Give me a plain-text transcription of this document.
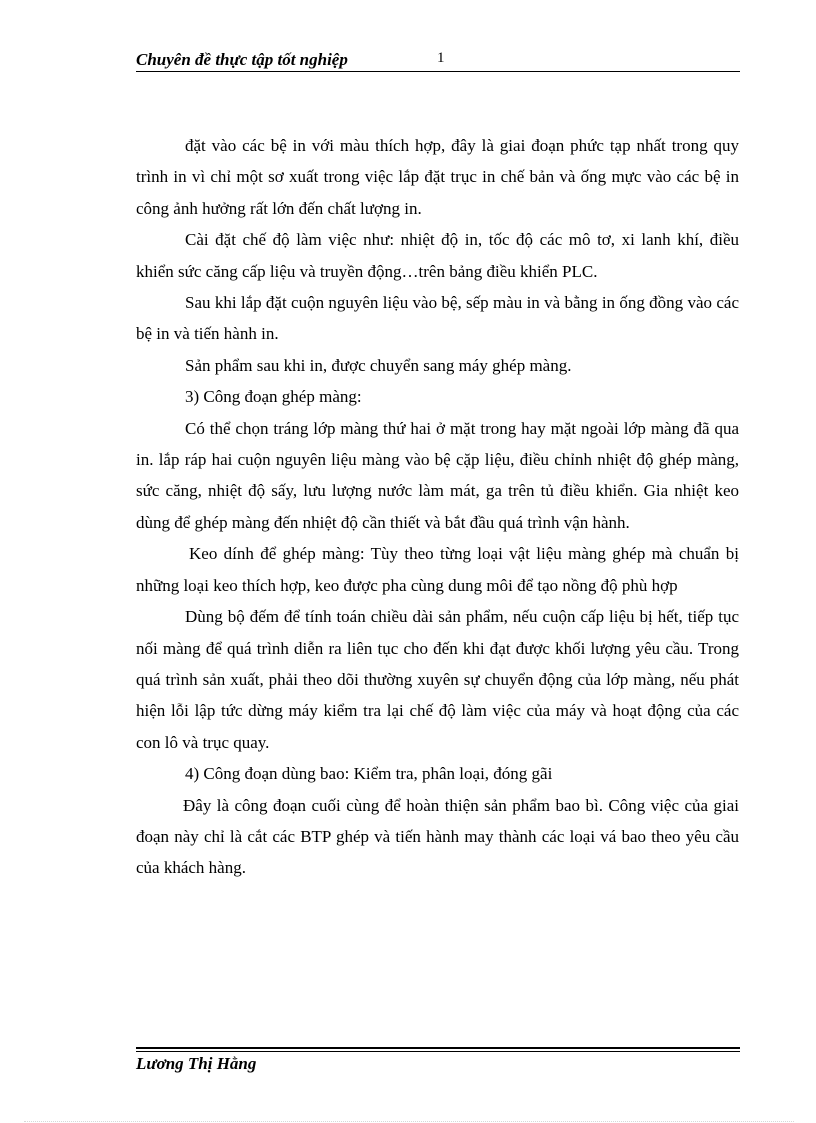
Chuyên đề thực tập tốt nghiệp	1

đặt vào các bệ in với màu thích hợp, đây là giai đoạn phức tạp nhất trong quy trình in vì chỉ một sơ xuất trong việc lắp đặt trục in chế bản và ống mực vào các bệ in công ảnh hưởng rất lớn đến chất lượng in.

Cài đặt chế độ làm việc như: nhiệt độ in, tốc độ các mô tơ, xi lanh khí, điều khiển sức căng cấp liệu và truyền động…trên bảng điều khiển PLC.

Sau khi lắp đặt cuộn nguyên liệu vào bệ, sếp màu in và bằng in ống đồng vào các bệ in và tiến hành in.

Sản phẩm sau khi in, được chuyển sang máy ghép màng.

3) Công đoạn ghép màng:

Có thể chọn tráng lớp màng thứ hai ở mặt trong hay mặt ngoài lớp màng đã qua in. lắp ráp hai cuộn nguyên liệu màng vào bệ cặp liệu, điều chỉnh nhiệt độ ghép màng, sức căng, nhiệt độ sấy, lưu lượng nước làm mát, ga trên tủ điều khiển. Gia nhiệt keo dùng để ghép màng đến nhiệt độ cần thiết và bắt đầu quá trình vận hành.

Keo dính để ghép màng: Tùy theo từng loại vật liệu màng ghép mà chuẩn bị những loại keo thích hợp, keo được pha cùng dung môi để tạo nồng độ phù hợp

Dùng bộ đếm để tính toán chiều dài sản phẩm, nếu cuộn cấp liệu bị hết, tiếp tục nối màng để quá trình diễn ra liên tục cho đến khi đạt được khối lượng yêu cầu. Trong quá trình sản xuất, phải theo dõi thường xuyên sự chuyển động của lớp màng, nếu phát hiện lỗi lập tức dừng máy kiểm tra lại chế độ làm việc của máy và hoạt động của các con lô và trục quay.

4) Công đoạn dùng bao: Kiểm tra, phân loại, đóng gãi

Đây là công đoạn cuối cùng để hoàn thiện sản phẩm bao bì. Công việc của giai đoạn này chỉ là cắt các BTP ghép và tiến hành may thành các loại vá bao theo yêu cầu của khách hàng.

Lương Thị Hằng
